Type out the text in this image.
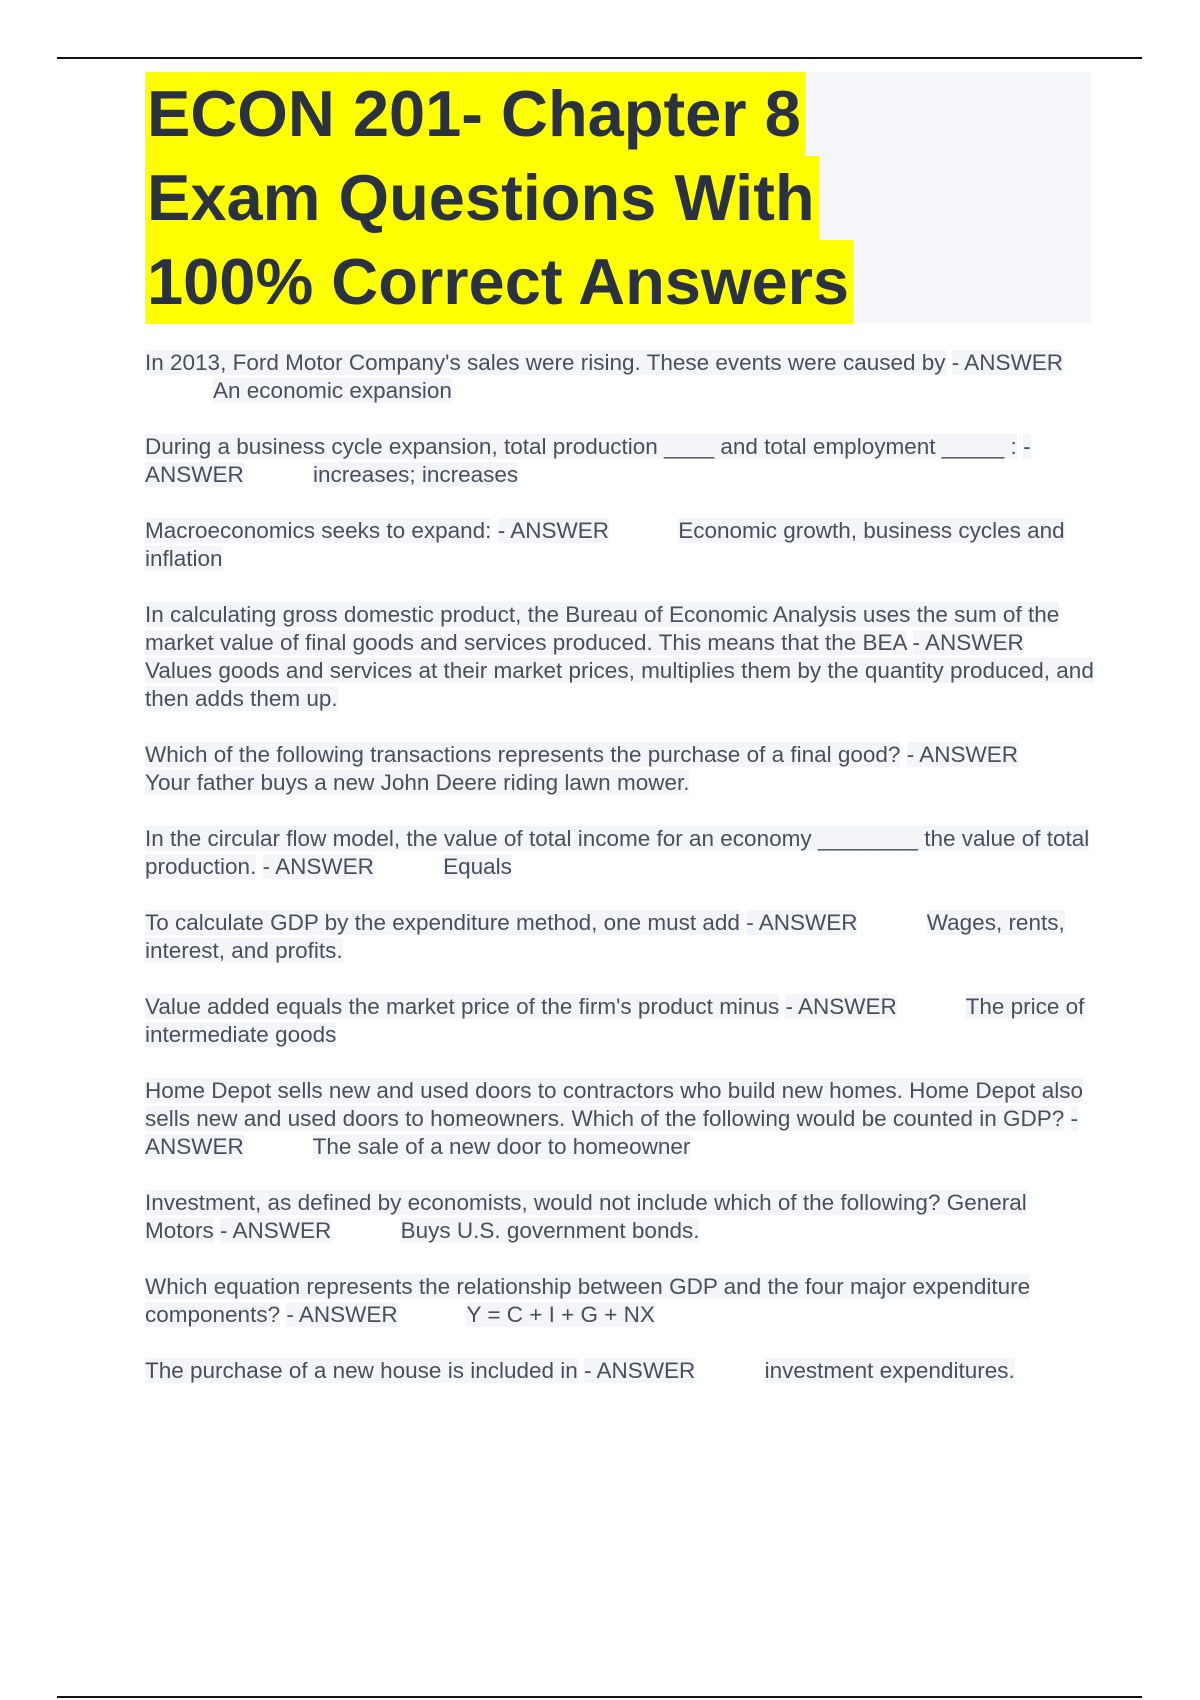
ECON 201- Chapter 8
Exam Questions With
100% Correct Answers
In 2013, Ford Motor Company's sales were rising. These events were caused by - ANSWER An economic expansion
During a business cycle expansion, total production ____ and total employment _____ : - ANSWER	increases; increases
Macroeconomics seeks to expand: - ANSWER	Economic growth, business cycles and inflation
In calculating gross domestic product, the Bureau of Economic Analysis uses the sum of the market value of final goods and services produced. This means that the BEA - ANSWER Values goods and services at their market prices, multiplies them by the quantity produced, and then adds them up.
Which of the following transactions represents the purchase of a final good? - ANSWER Your father buys a new John Deere riding lawn mower.
In the circular flow model, the value of total income for an economy ________ the value of total production. - ANSWER	Equals
To calculate GDP by the expenditure method, one must add - ANSWER	Wages, rents, interest, and profits.
Value added equals the market price of the firm's product minus - ANSWER	The price of intermediate goods
Home Depot sells new and used doors to contractors who build new homes. Home Depot also sells new and used doors to homeowners. Which of the following would be counted in GDP? - ANSWER	The sale of a new door to homeowner
Investment, as defined by economists, would not include which of the following? General Motors - ANSWER	Buys U.S. government bonds.
Which equation represents the relationship between GDP and the four major expenditure components? - ANSWER	Y = C + I + G + NX
The purchase of a new house is included in - ANSWER	investment expenditures.
